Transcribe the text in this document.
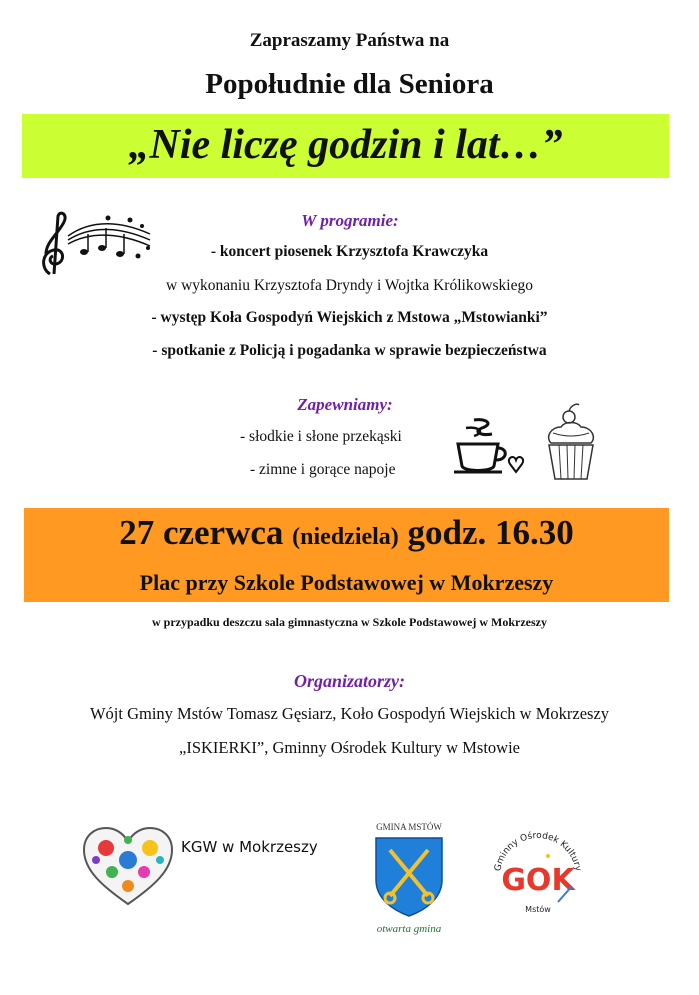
Zapraszamy Państwa na
Popołudnie dla Seniora
„Nie liczę godzin i lat…”
W programie:
- koncert piosenek Krzysztofa Krawczyka
w wykonaniu Krzysztofa Dryndy i Wojtka Królikowskiego
- występ Koła Gospodyń Wiejskich z Mstowa „Mstowianki”
- spotkanie z Policją i pogadanka w sprawie bezpieczeństwa
Zapewniamy:
- słodkie i słone przekąski
- zimne i gorące napoje
27 czerwca (niedziela) godz. 16.30
Plac przy Szkole Podstawowej w Mokrzeszy
w przypadku deszczu sala gimnastyczna w Szkole Podstawowej w Mokrzeszy
Organizatorzy:
Wójt Gminy Mstów Tomasz Gęsiarz, Koło Gospodyń Wiejskich w Mokrzeszy
„ISKIERKI”, Gminny Ośrodek Kultury w Mstowie
KGW w Mokrzeszy
GMINA MSTÓW
otwarta gmina
Gminny Ośrodek Kultury
GOK
Mstów
